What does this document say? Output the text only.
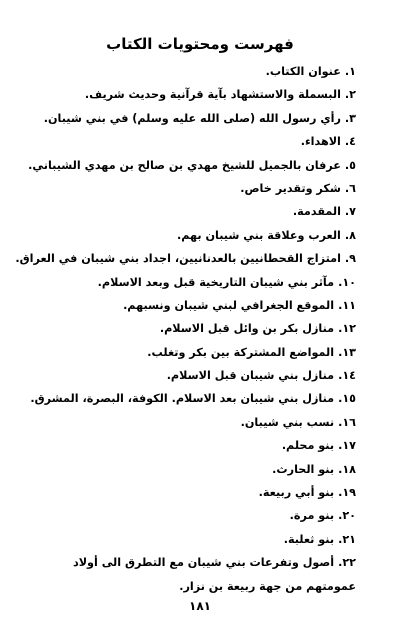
فهرست ومحتويات الكتاب
١.عنوان الكتاب.
٢.البسملة والاستشهاد بآية قرآنية وحديث شريف.
٣.رأي رسول الله (صلى الله عليه وسلم) في بني شيبان.
٤.الاهداء.
٥.عرفان بالجميل للشيخ مهدي بن صالح بن مهدي الشيباني.
٦.شكر وتقدير خاص.
٧.المقدمة.
٨.العرب وعلاقة بني شيبان بهم.
٩.امتزاج القحطانيين بالعدنانيين، اجداد بني شيبان في العراق.
١٠.مآثر بني شيبان التاريخية قبل وبعد الاسلام.
١١.الموقع الجغرافي لبني شيبان ونسبهم.
١٢.منازل بكر بن وائل قبل الاسلام.
١٣.المواضع المشتركة بين بكر وتغلب.
١٤.منازل بني شيبان قبل الاسلام.
١٥.منازل بني شيبان بعد الاسلام. الكوفة، البصرة، المشرق.
١٦.نسب بني شيبان.
١٧.بنو محلم.
١٨.بنو الحارث.
١٩.بنو أبي ربيعة.
٢٠.بنو مرة.
٢١.بنو ثعلبة.
٢٢.أصول وتفرعات بني شيبان مع التطرق الى أولاد عمومتهم من جهة ربيعة بن نزار.
١٨١
